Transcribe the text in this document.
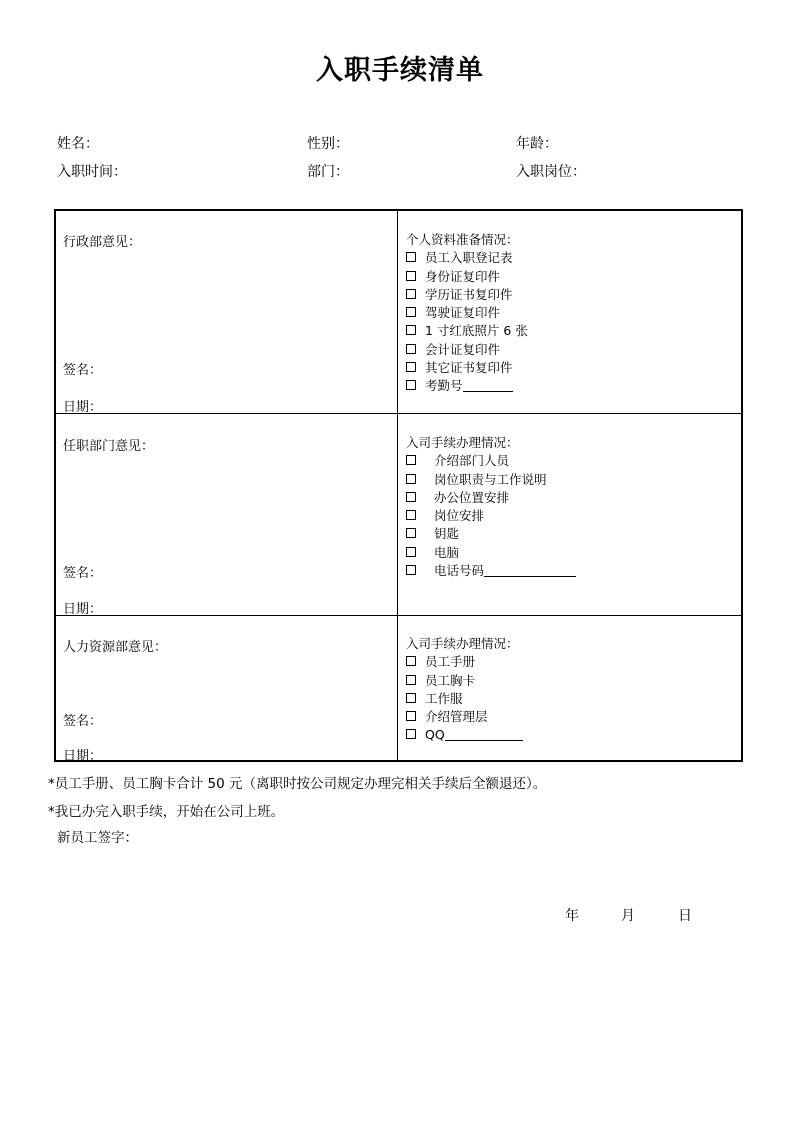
入职手续清单
姓名：	性别：	年龄：
入职时间：	部门：	入职岗位：
行政部意见：
签名：
日期：
个人资料准备情况：
员工入职登记表
身份证复印件
学历证书复印件
驾驶证复印件
1 寸红底照片 6 张
会计证复印件
其它证书复印件
考勤号
任职部门意见：
签名：
日期：
入司手续办理情况：
介绍部门人员
岗位职责与工作说明
办公位置安排
岗位安排
钥匙
电脑
电话号码
人力资源部意见：
签名：
日期：
入司手续办理情况：
员工手册
员工胸卡
工作服
介绍管理层
QQ
*员工手册、员工胸卡合计 50 元（离职时按公司规定办理完相关手续后全额退还）。
*我已办完入职手续，开始在公司上班。
新员工签字：
年	月	日
